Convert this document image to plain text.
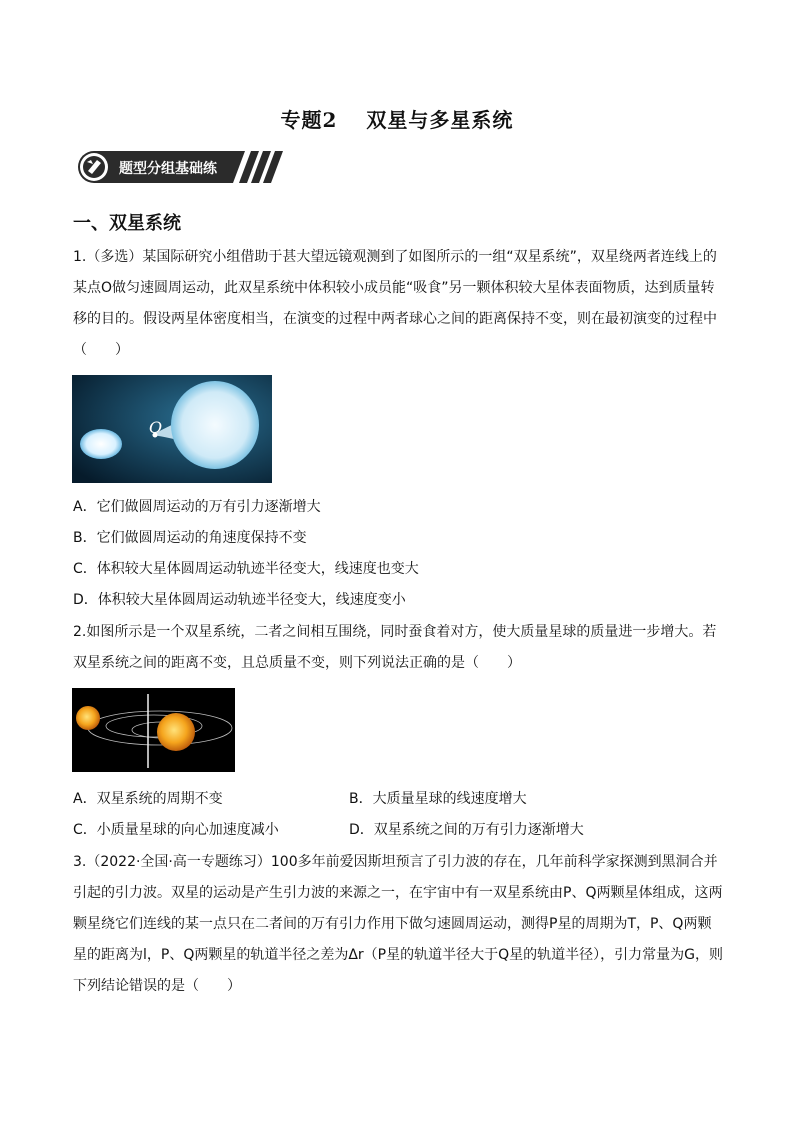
专题2　 双星与多星系统
题型分组基础练
一、双星系统
1.（多选）某国际研究小组借助于甚大望远镜观测到了如图所示的一组“双星系统”，双星绕两者连线上的某点O做匀速圆周运动，此双星系统中体积较小成员能“吸食”另一颗体积较大星体表面物质，达到质量转移的目的。假设两星体密度相当，在演变的过程中两者球心之间的距离保持不变，则在最初演变的过程中（　　）
O
A．它们做圆周运动的万有引力逐渐增大
B．它们做圆周运动的角速度保持不变
C．体积较大星体圆周运动轨迹半径变大，线速度也变大
D．体积较大星体圆周运动轨迹半径变大，线速度变小
2.如图所示是一个双星系统，二者之间相互围绕，同时蚕食着对方，使大质量星球的质量进一步增大。若双星系统之间的距离不变，且总质量不变，则下列说法正确的是（　　）
A．双星系统的周期不变	B．大质量星球的线速度增大
C．小质量星球的向心加速度减小	D．双星系统之间的万有引力逐渐增大
3.（2022·全国·高一专题练习）100多年前爱因斯坦预言了引力波的存在，几年前科学家探测到黑洞合并引起的引力波。双星的运动是产生引力波的来源之一，在宇宙中有一双星系统由P、Q两颗星体组成，这两颗星绕它们连线的某一点只在二者间的万有引力作用下做匀速圆周运动，测得P星的周期为T，P、Q两颗星的距离为l，P、Q两颗星的轨道半径之差为Δr（P星的轨道半径大于Q星的轨道半径），引力常量为G，则下列结论错误的是（　　）
